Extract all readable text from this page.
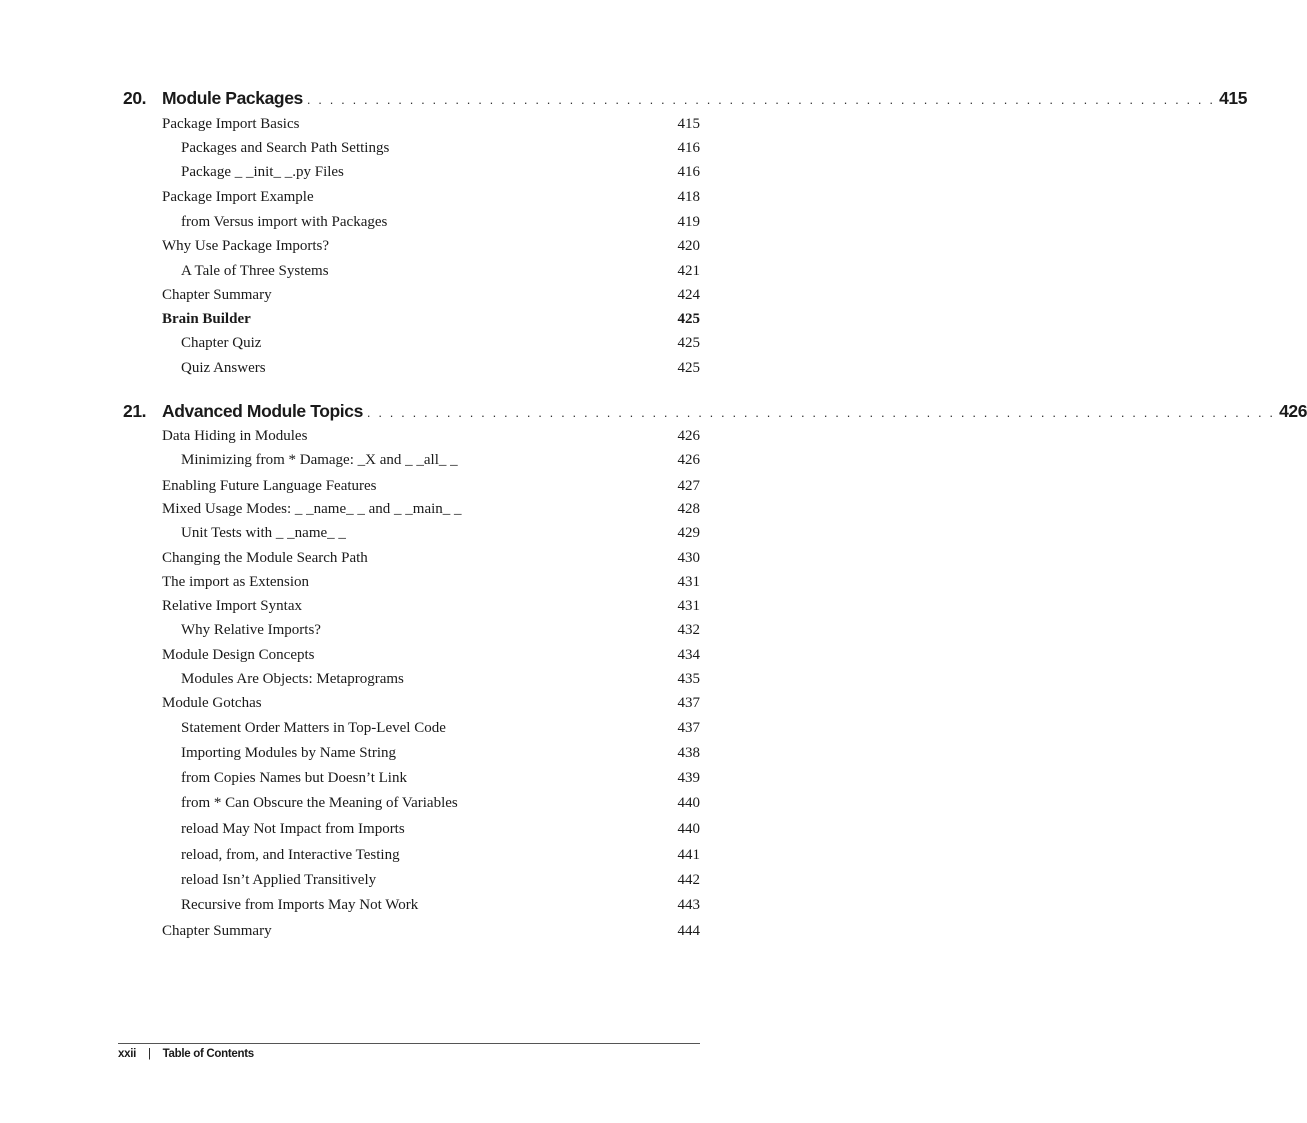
20. Module Packages . . . . . . . . . . . . . . . . . . . . . . . . . . . . . . . . . . . . . . . . . . . . . . . . . . . . . . . . . . . . . . . . . . . . . . . . . . . . . . . . 415
Package Import Basics	415
Packages and Search Path Settings	416
Package _ _init_ _.py Files	416
Package Import Example	418
from Versus import with Packages	419
Why Use Package Imports?	420
A Tale of Three Systems	421
Chapter Summary	424
Brain Builder	425
Chapter Quiz	425
Quiz Answers	425
21. Advanced Module Topics . . . . . . . . . . . . . . . . . . . . . . . . . . . . . . . . . . . . . . . . . . . . . . . . . . . . . . . . . . . . . . . . . . . . . . . . . . . . . . . . 426
Data Hiding in Modules	426
Minimizing from * Damage: _X and _ _all_ _	426
Enabling Future Language Features	427
Mixed Usage Modes: _ _name_ _ and _ _main_ _	428
Unit Tests with _ _name_ _	429
Changing the Module Search Path	430
The import as Extension	431
Relative Import Syntax	431
Why Relative Imports?	432
Module Design Concepts	434
Modules Are Objects: Metaprograms	435
Module Gotchas	437
Statement Order Matters in Top-Level Code	437
Importing Modules by Name String	438
from Copies Names but Doesn’t Link	439
from * Can Obscure the Meaning of Variables	440
reload May Not Impact from Imports	440
reload, from, and Interactive Testing	441
reload Isn’t Applied Transitively	442
Recursive from Imports May Not Work	443
Chapter Summary	444
xxii | Table of Contents
